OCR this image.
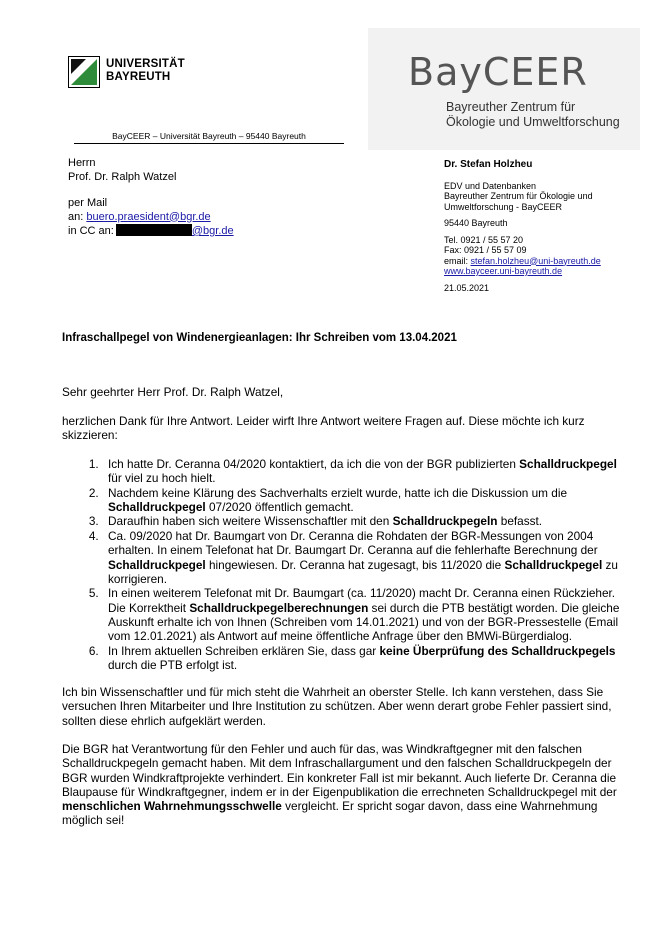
UNIVERSITÄT
BAYREUTH	BayCEER
Bayreuther Zentrum für
Ökologie und Umweltforschung
BayCEER – Universität Bayreuth – 95440 Bayreuth
Herrn
Prof. Dr. Ralph Watzel
per Mail
an: buero.praesident@bgr.de
in CC an:	@bgr.de
Dr. Stefan Holzheu
EDV und Datenbanken
Bayreuther Zentrum für Ökologie und
Umweltforschung - BayCEER
95440 Bayreuth
Tel. 0921 / 55 57 20
Fax: 0921 / 55 57 09
email: stefan.holzheu@uni-bayreuth.de
www.bayceer.uni-bayreuth.de
21.05.2021
Infraschallpegel von Windenergieanlagen: Ihr Schreiben vom 13.04.2021

Sehr geehrter Herr Prof. Dr. Ralph Watzel,

herzlichen Dank für Ihre Antwort. Leider wirft Ihre Antwort weitere Fragen auf. Diese möchte ich kurz skizzieren:

1. Ich hatte Dr. Ceranna 04/2020 kontaktiert, da ich die von der BGR publizierten Schalldruckpegel für viel zu hoch hielt.
2. Nachdem keine Klärung des Sachverhalts erzielt wurde, hatte ich die Diskussion um die Schalldruckpegel 07/2020 öffentlich gemacht.
3. Daraufhin haben sich weitere Wissenschaftler mit den Schalldruckpegeln befasst.
4. Ca. 09/2020 hat Dr. Baumgart von Dr. Ceranna die Rohdaten der BGR-Messungen von 2004 erhalten. In einem Telefonat hat Dr. Baumgart Dr. Ceranna auf die fehlerhafte Berechnung der Schalldruckpegel hingewiesen. Dr. Ceranna hat zugesagt, bis 11/2020 die Schalldruckpegel zu korrigieren.
5. In einen weiterem Telefonat mit Dr. Baumgart (ca. 11/2020) macht Dr. Ceranna einen Rückzieher. Die Korrektheit Schalldruckpegelberechnungen sei durch die PTB bestätigt worden. Die gleiche Auskunft erhalte ich von Ihnen (Schreiben vom 14.01.2021) und von der BGR-Pressestelle (Email vom 12.01.2021) als Antwort auf meine öffentliche Anfrage über den BMWi-Bürgerdialog.
6. In Ihrem aktuellen Schreiben erklären Sie, dass gar keine Überprüfung des Schalldruckpegels durch die PTB erfolgt ist.

Ich bin Wissenschaftler und für mich steht die Wahrheit an oberster Stelle. Ich kann verstehen, dass Sie versuchen Ihren Mitarbeiter und Ihre Institution zu schützen. Aber wenn derart grobe Fehler passiert sind, sollten diese ehrlich aufgeklärt werden.

Die BGR hat Verantwortung für den Fehler und auch für das, was Windkraftgegner mit den falschen Schalldruckpegeln gemacht haben. Mit dem Infraschallargument und den falschen Schalldruckpegeln der BGR wurden Windkraftprojekte verhindert. Ein konkreter Fall ist mir bekannt. Auch lieferte Dr. Ceranna die Blaupause für Windkraftgegner, indem er in der Eigenpublikation die errechneten Schalldruckpegel mit der menschlichen Wahrnehmungsschwelle vergleicht. Er spricht sogar davon, dass eine Wahrnehmung möglich sei!
